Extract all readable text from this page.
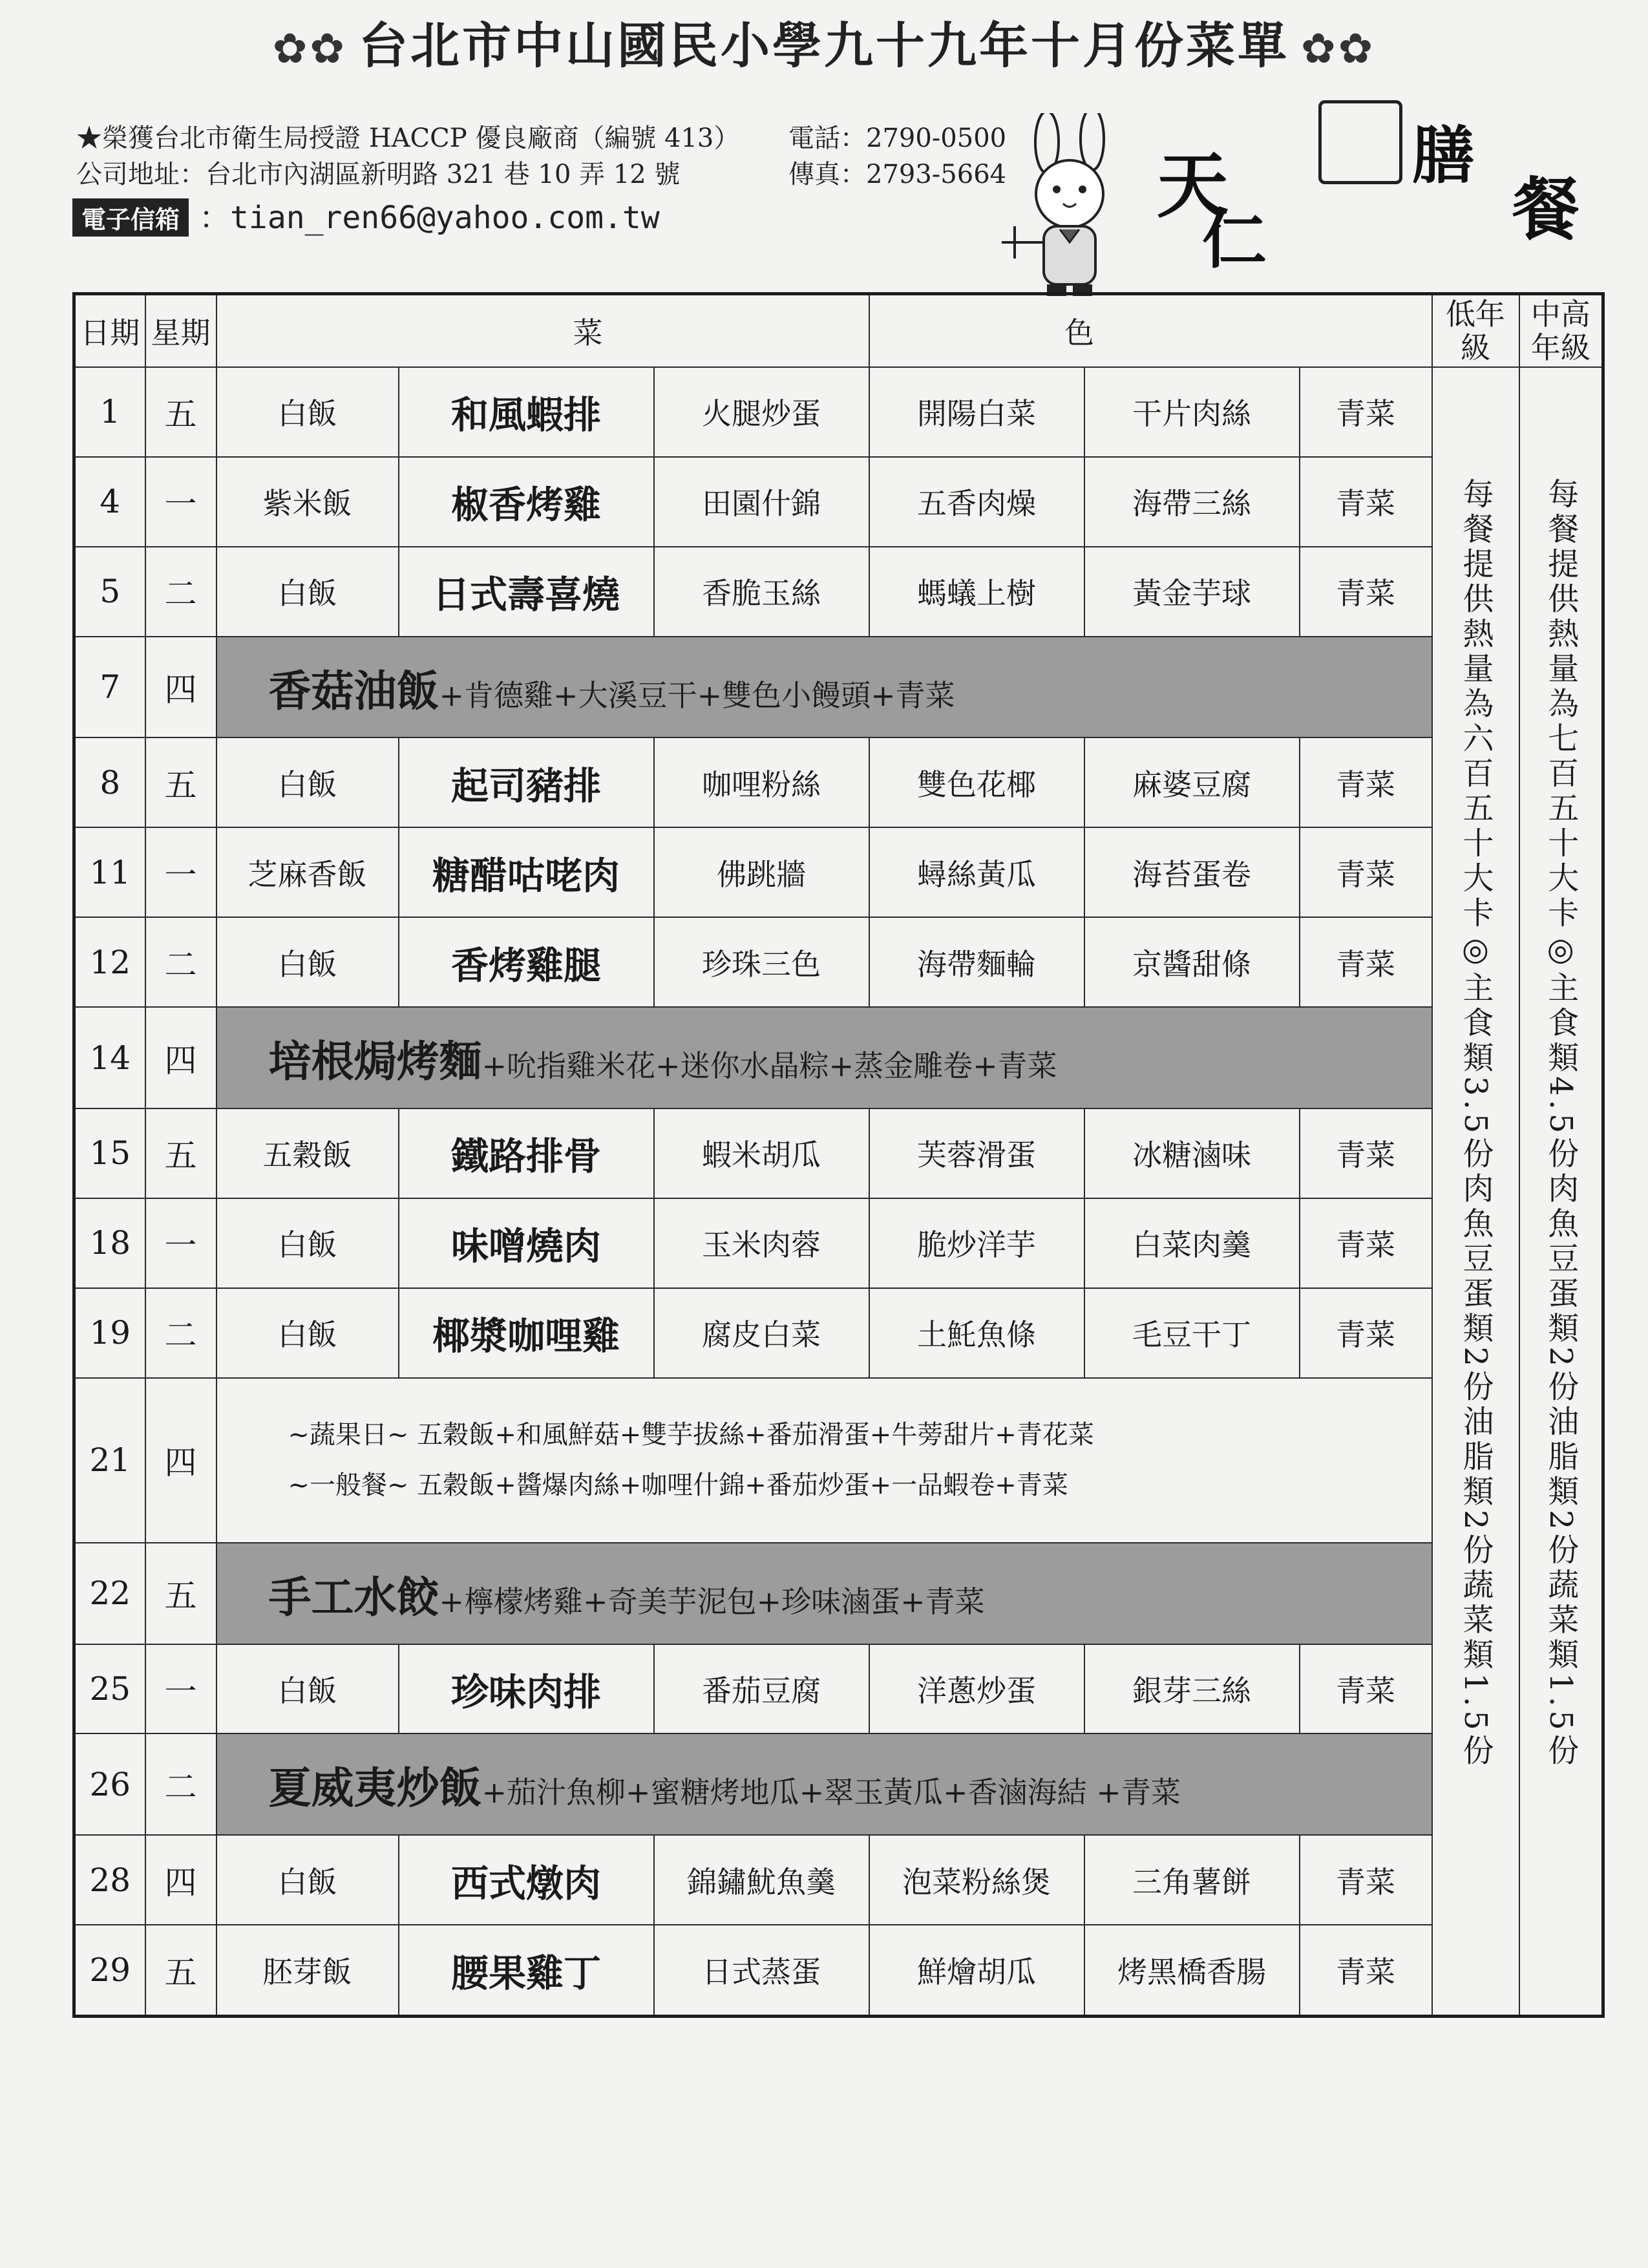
✿✿ 台北市中山國民小學九十九年十月份菜單 ✿✿
★榮獲台北市衛生局授證 HACCP 優良廠商（編號 413） 電話：2790-0500
公司地址：台北市內湖區新明路 321 巷 10 弄 12 號	傳真：2793-5664
電子信箱 ：tian_ren66@yahoo.com.tw	天
仁
膳
餐
日期	星期	菜			色			低年級	中高年級
1	五	白飯	和風蝦排	火腿炒蛋	開陽白菜	干片肉絲	青菜	每餐提供熱量為六百五十大卡◎主食類3.5份肉魚豆蛋類2份油脂類2份蔬菜類1.5份	每餐提供熱量為七百五十大卡◎主食類4.5份肉魚豆蛋類2份油脂類2份蔬菜類1.5份

4	一	紫米飯	椒香烤雞	田園什錦	五香肉燥	海帶三絲	青菜		
5	二	白飯	日式壽喜燒	香脆玉絲	螞蟻上樹	黃金芋球	青菜		
7	四	香菇油飯+肯德雞+大溪豆干+雙色小饅頭+青菜							
8	五	白飯	起司豬排	咖哩粉絲	雙色花椰	麻婆豆腐	青菜		
11	一	芝麻香飯	糖醋咕咾肉	佛跳牆	蟳絲黃瓜	海苔蛋卷	青菜		
12	二	白飯	香烤雞腿	珍珠三色	海帶麵輪	京醬甜條	青菜		
14	四	培根焗烤麵+吮指雞米花+迷你水晶粽+蒸金雕卷+青菜							
15	五	五穀飯	鐵路排骨	蝦米胡瓜	芙蓉滑蛋	冰糖滷味	青菜		
18	一	白飯	味噌燒肉	玉米肉蓉	脆炒洋芋	白菜肉羹	青菜		
19	二	白飯	椰漿咖哩雞	腐皮白菜	土魠魚條	毛豆干丁	青菜		
21	四	~蔬果日~ 五穀飯+和風鮮菇+雙芋拔絲+番茄滑蛋+牛蒡甜片+青花菜
~一般餐~ 五穀飯+醬爆肉絲+咖哩什錦+番茄炒蛋+一品蝦卷+青菜							

22	五	手工水餃+檸檬烤雞+奇美芋泥包+珍味滷蛋+青菜							
25	一	白飯	珍味肉排	番茄豆腐	洋蔥炒蛋	銀芽三絲	青菜		
26	二	夏威夷炒飯+茄汁魚柳+蜜糖烤地瓜+翠玉黃瓜+香滷海結 +青菜							
28	四	白飯	西式燉肉	錦鏽魷魚羹	泡菜粉絲煲	三角薯餅	青菜		
29	五	胚芽飯	腰果雞丁	日式蒸蛋	鮮燴胡瓜	烤黑橋香腸	青菜		
